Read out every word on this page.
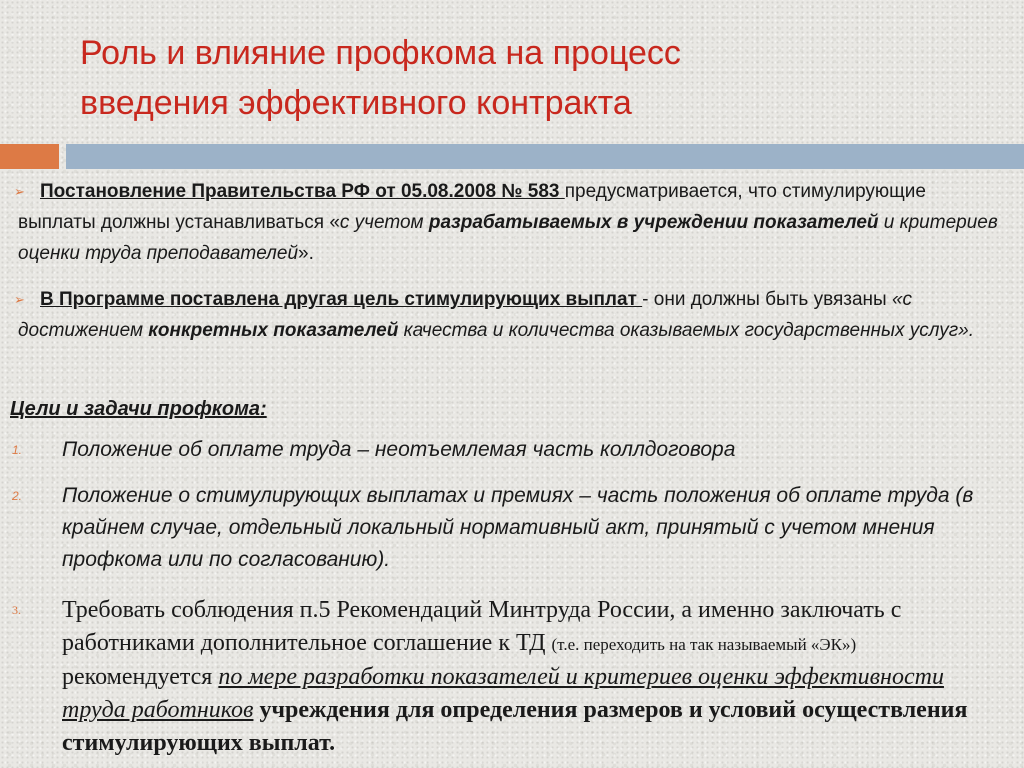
Роль и влияние профкома на процесс
введения эффективного контракта
➢ Постановление Правительства РФ от 05.08.2008 № 583 предусматривается, что стимулирующие выплаты должны устанавливаться «с учетом разрабатываемых в учреждении показателей и критериев оценки труда преподавателей».
➢ В Программе поставлена другая цель стимулирующих выплат - они должны быть увязаны «с достижением конкретных показателей качества и количества оказываемых государственных услуг».
Цели и задачи профкома:
1. Положение об оплате труда – неотъемлемая часть коллдоговора
2. Положение о стимулирующих выплатах и премиях – часть положения об оплате труда (в крайнем случае, отдельный локальный нормативный акт, принятый с учетом мнения профкома или по согласованию).
3. Требовать соблюдения п.5 Рекомендаций Минтруда России, а именно заключать с работниками дополнительное соглашение к ТД (т.е. переходить на так называемый «ЭК») рекомендуется по мере разработки показателей и критериев оценки эффективности труда работников учреждения для определения размеров и условий осуществления стимулирующих выплат.
